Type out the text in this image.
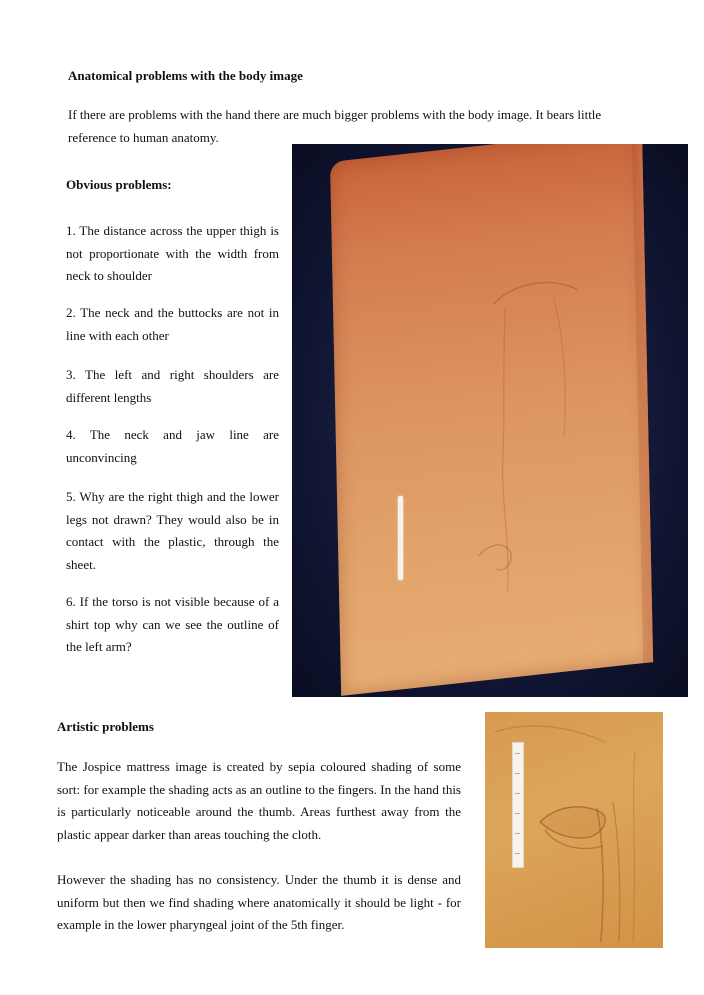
Anatomical problems with the body image
If there are problems with the hand there are much bigger problems with the body image. It bears little reference to human anatomy.
Obvious problems:
1. The distance across the upper thigh is not proportionate with the width from neck to shoulder
2. The neck and the buttocks are not in line with each other
3. The left and right shoulders are different lengths
4. The neck and jaw line are unconvincing
5. Why are the right thigh and the lower legs not drawn? They would also be in contact with the plastic, through the sheet.
6. If the torso is not visible because of a shirt top why can we see the outline of the left arm?
Artistic problems
The Jospice mattress image is created by sepia coloured shading of some sort: for example the shading acts as an outline to the fingers. In the hand this is particularly noticeable around the thumb. Areas furthest away from the plastic appear darker than areas touching the cloth.
However the shading has no consistency. Under the thumb it is dense and uniform but then we find shading where anatomically it should be light - for example in the lower pharyngeal joint of the 5th finger.
